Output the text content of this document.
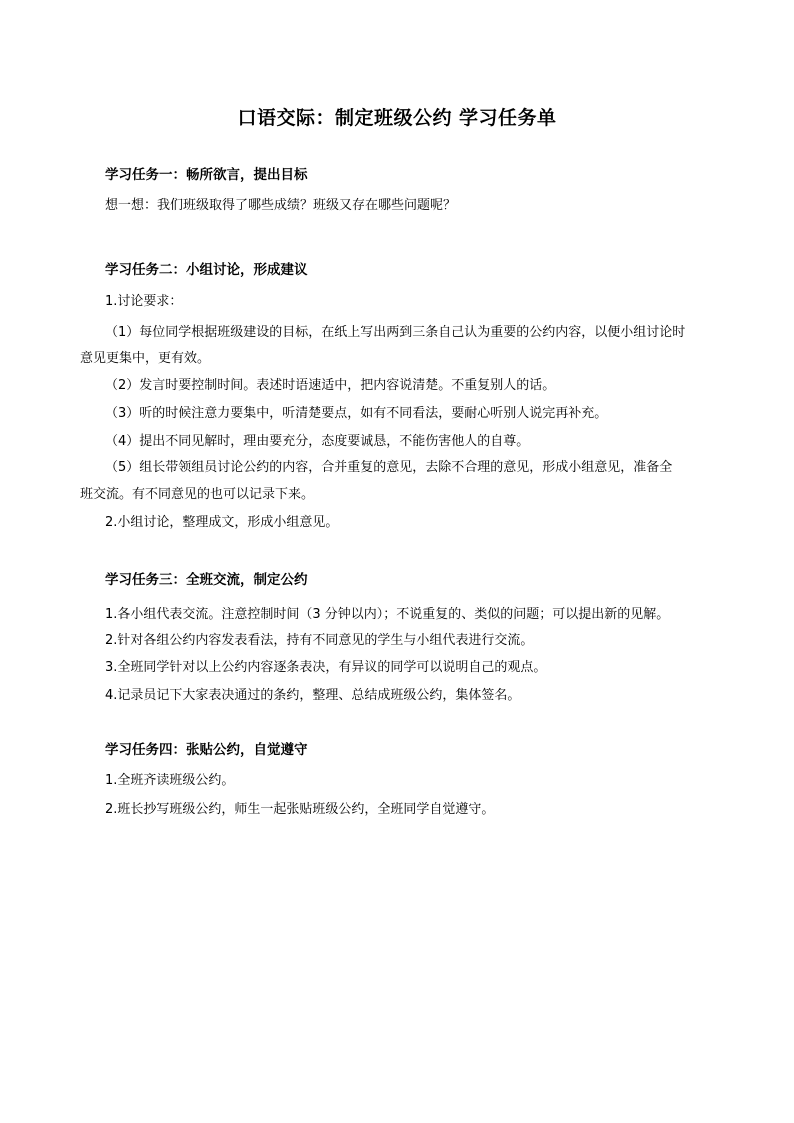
口语交际：制定班级公约 学习任务单
学习任务一：畅所欲言，提出目标
想一想：我们班级取得了哪些成绩？班级又存在哪些问题呢？
学习任务二：小组讨论，形成建议
1.讨论要求：
（1）每位同学根据班级建设的目标，在纸上写出两到三条自己认为重要的公约内容，以便小组讨论时
意见更集中，更有效。
（2）发言时要控制时间。表述时语速适中，把内容说清楚。不重复别人的话。
（3）听的时候注意力要集中，听清楚要点，如有不同看法，要耐心听别人说完再补充。
（4）提出不同见解时，理由要充分，态度要诚恳，不能伤害他人的自尊。
（5）组长带领组员讨论公约的内容，合并重复的意见，去除不合理的意见，形成小组意见，准备全
班交流。有不同意见的也可以记录下来。
2.小组讨论，整理成文，形成小组意见。
学习任务三：全班交流，制定公约
1.各小组代表交流。注意控制时间（3 分钟以内）；不说重复的、类似的问题；可以提出新的见解。
2.针对各组公约内容发表看法，持有不同意见的学生与小组代表进行交流。
3.全班同学针对以上公约内容逐条表决，有异议的同学可以说明自己的观点。
4.记录员记下大家表决通过的条约，整理、总结成班级公约，集体签名。
学习任务四：张贴公约，自觉遵守
1.全班齐读班级公约。
2.班长抄写班级公约，师生一起张贴班级公约，全班同学自觉遵守。
